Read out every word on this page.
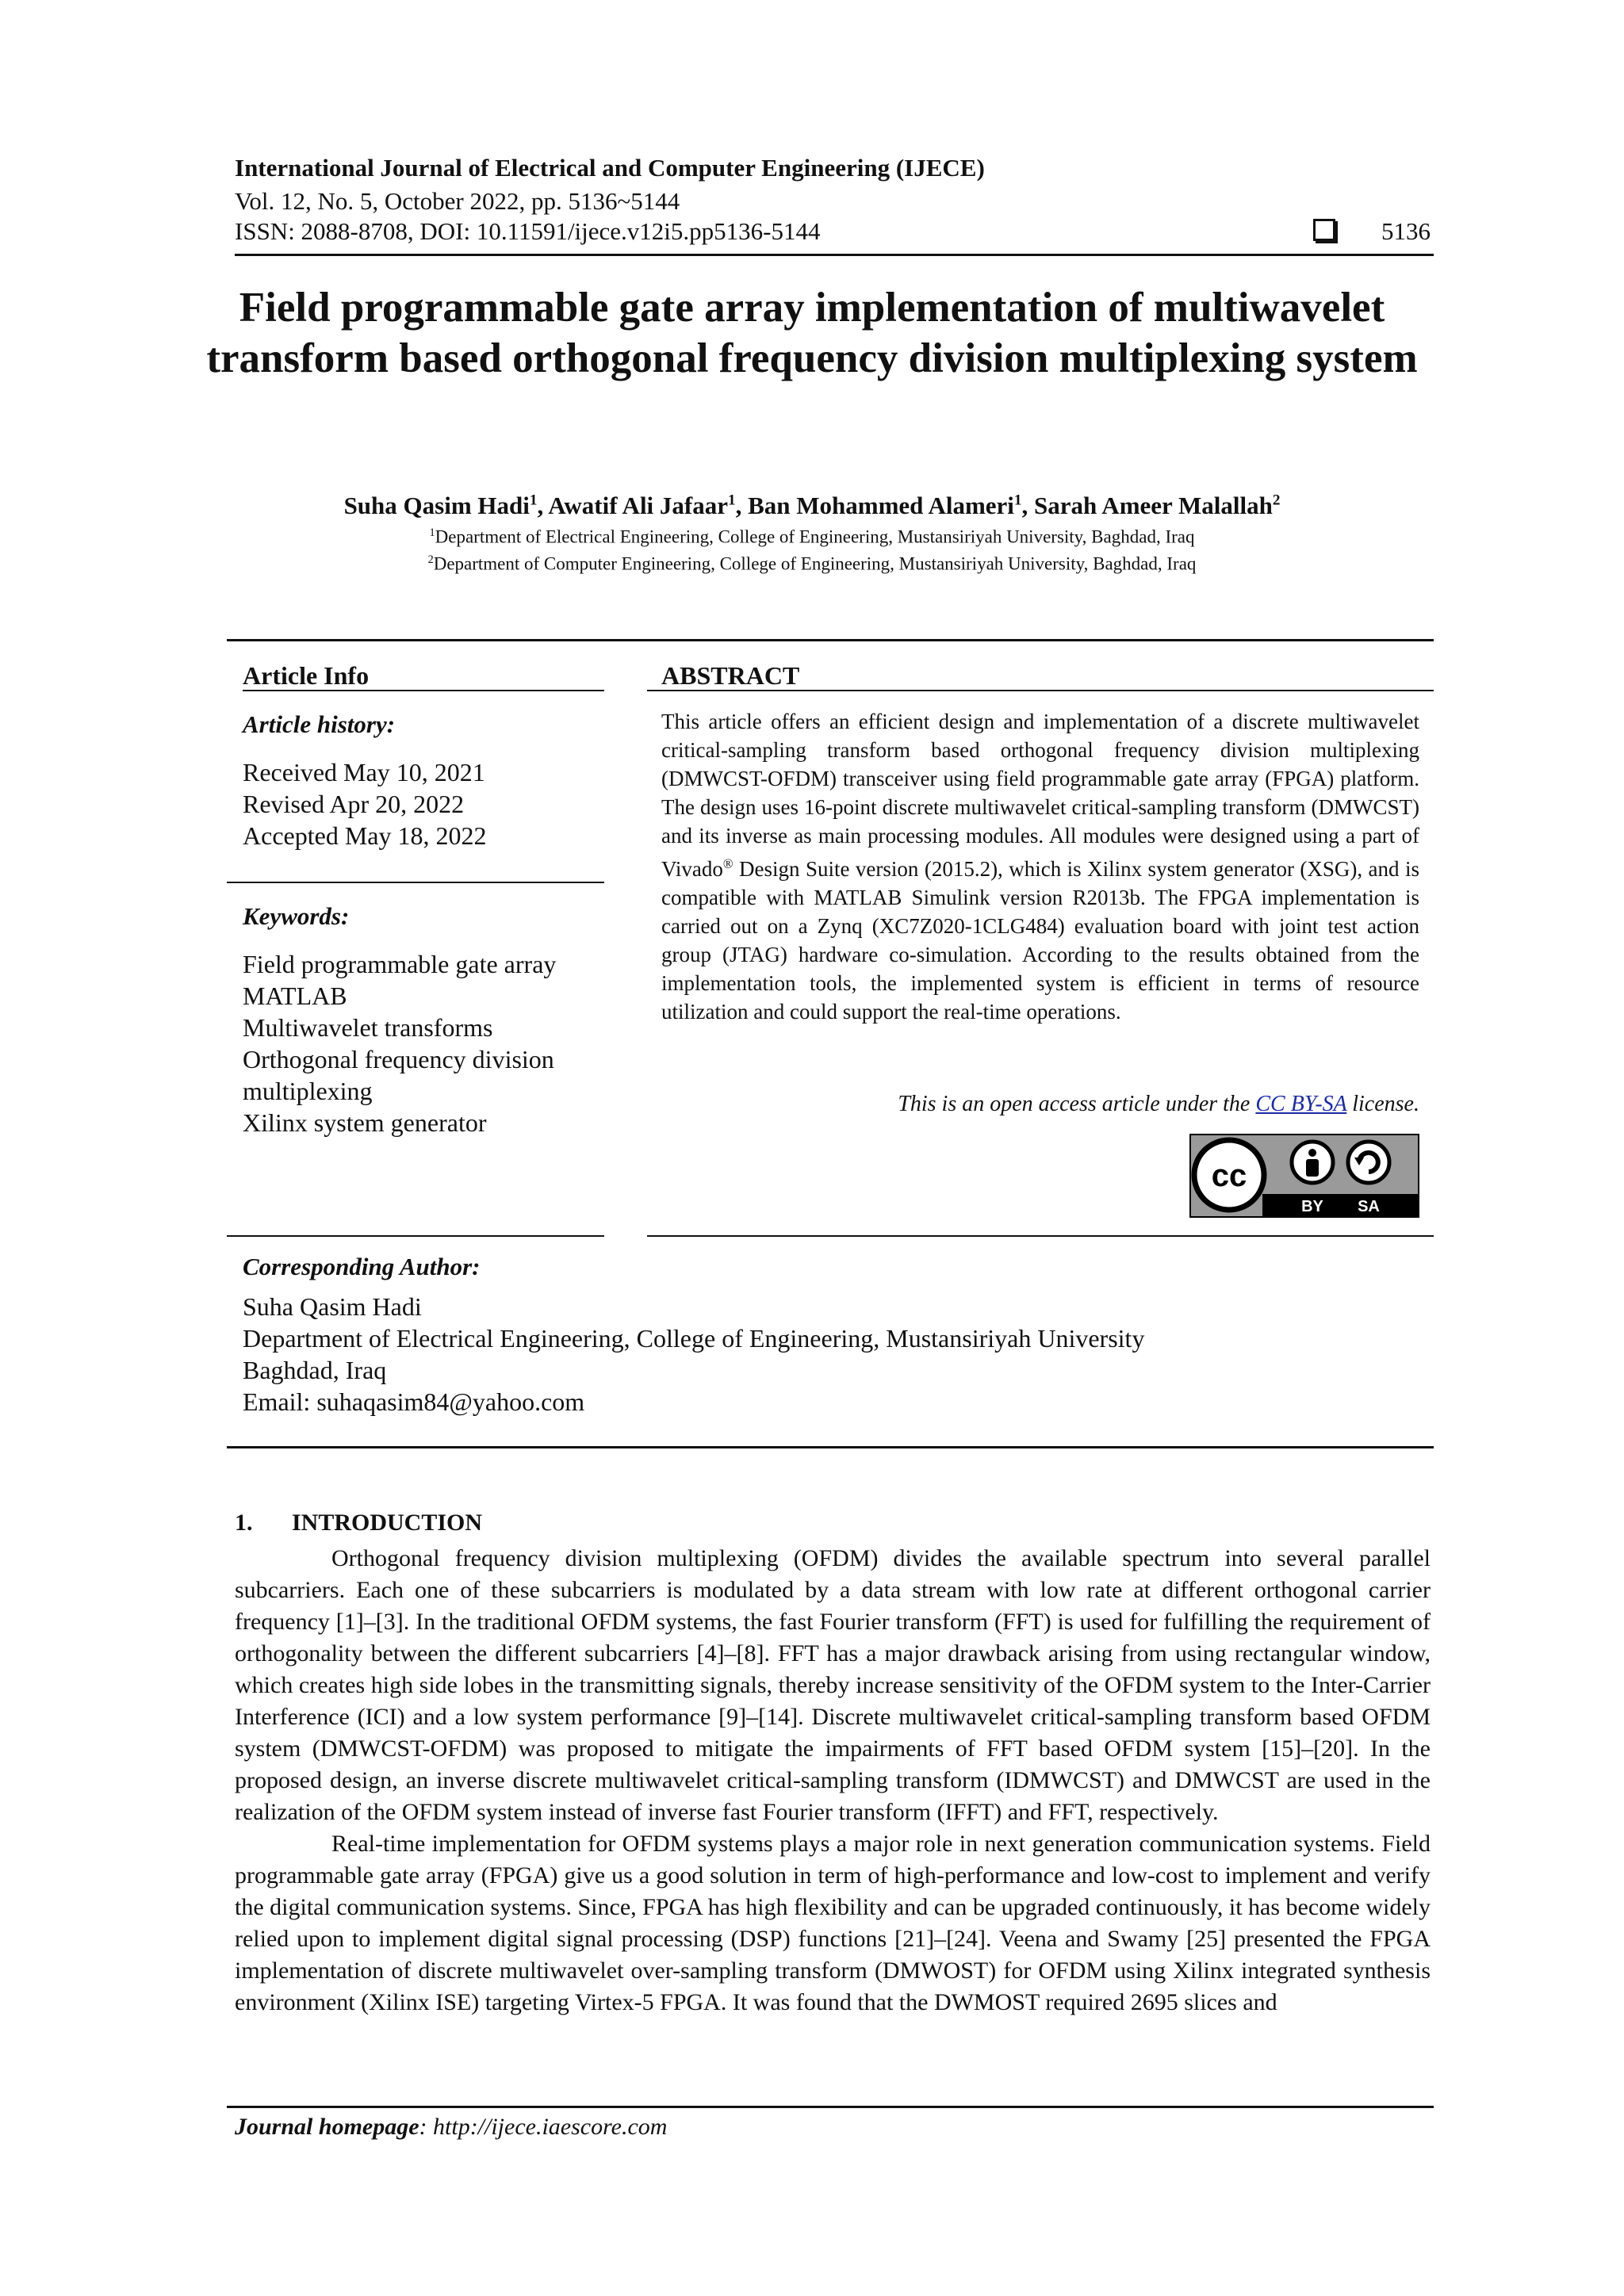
International Journal of Electrical and Computer Engineering (IJECE)
Vol. 12, No. 5, October 2022, pp. 5136~5144
ISSN: 2088-8708, DOI: 10.11591/ijece.v12i5.pp5136-5144	5136
Field programmable gate array implementation of multiwavelet transform based orthogonal frequency division multiplexing system
Suha Qasim Hadi$^1$, Awatif Ali Jafaar$^1$, Ban Mohammed Alameri$^1$, Sarah Ameer Malallah$^2$
$^1$Department of Electrical Engineering, College of Engineering, Mustansiriyah University, Baghdad, Iraq
$^2$Department of Computer Engineering, College of Engineering, Mustansiriyah University, Baghdad, Iraq
Article Info
Article history:
Received May 10, 2021
Revised Apr 20, 2022
Accepted May 18, 2022
Keywords:
Field programmable gate array
MATLAB
Multiwavelet transforms
Orthogonal frequency division
multiplexing
Xilinx system generator
ABSTRACT
This article offers an efficient design and implementation of a discrete multiwavelet critical-sampling transform based orthogonal frequency division multiplexing (DMWCST-OFDM) transceiver using field programmable gate array (FPGA) platform. The design uses 16-point discrete multiwavelet critical-sampling transform (DMWCST) and its inverse as main processing modules. All modules were designed using a part of Vivado® Design Suite version (2015.2), which is Xilinx system generator (XSG), and is compatible with MATLAB Simulink version R2013b. The FPGA implementation is carried out on a Zynq (XC7Z020-1CLG484) evaluation board with joint test action group (JTAG) hardware co-simulation. According to the results obtained from the implementation tools, the implemented system is efficient in terms of resource utilization and could support the real-time operations.
This is an open access article under the CC BY-SA license.
cc
BY SA
Corresponding Author:
Suha Qasim Hadi
Department of Electrical Engineering, College of Engineering, Mustansiriyah University
Baghdad, Iraq
Email: suhaqasim84@yahoo.com
1. INTRODUCTION

Orthogonal frequency division multiplexing (OFDM) divides the available spectrum into several parallel subcarriers. Each one of these subcarriers is modulated by a data stream with low rate at different orthogonal carrier frequency [1]–[3]. In the traditional OFDM systems, the fast Fourier transform (FFT) is used for fulfilling the requirement of orthogonality between the different subcarriers [4]–[8]. FFT has a major drawback arising from using rectangular window, which creates high side lobes in the transmitting signals, thereby increase sensitivity of the OFDM system to the Inter-Carrier Interference (ICI) and a low system performance [9]–[14]. Discrete multiwavelet critical-sampling transform based OFDM system (DMWCST-OFDM) was proposed to mitigate the impairments of FFT based OFDM system [15]–[20]. In the proposed design, an inverse discrete multiwavelet critical-sampling transform (IDMWCST) and DMWCST are used in the realization of the OFDM system instead of inverse fast Fourier transform (IFFT) and FFT, respectively.

Real-time implementation for OFDM systems plays a major role in next generation communication systems. Field programmable gate array (FPGA) give us a good solution in term of high-performance and low-cost to implement and verify the digital communication systems. Since, FPGA has high flexibility and can be upgraded continuously, it has become widely relied upon to implement digital signal processing (DSP) functions [21]–[24]. Veena and Swamy [25] presented the FPGA implementation of discrete multiwavelet over-sampling transform (DMWOST) for OFDM using Xilinx integrated synthesis environment (Xilinx ISE) targeting Virtex-5 FPGA. It was found that the DWMOST required 2695 slices and

Journal homepage: http://ijece.iaescore.com
